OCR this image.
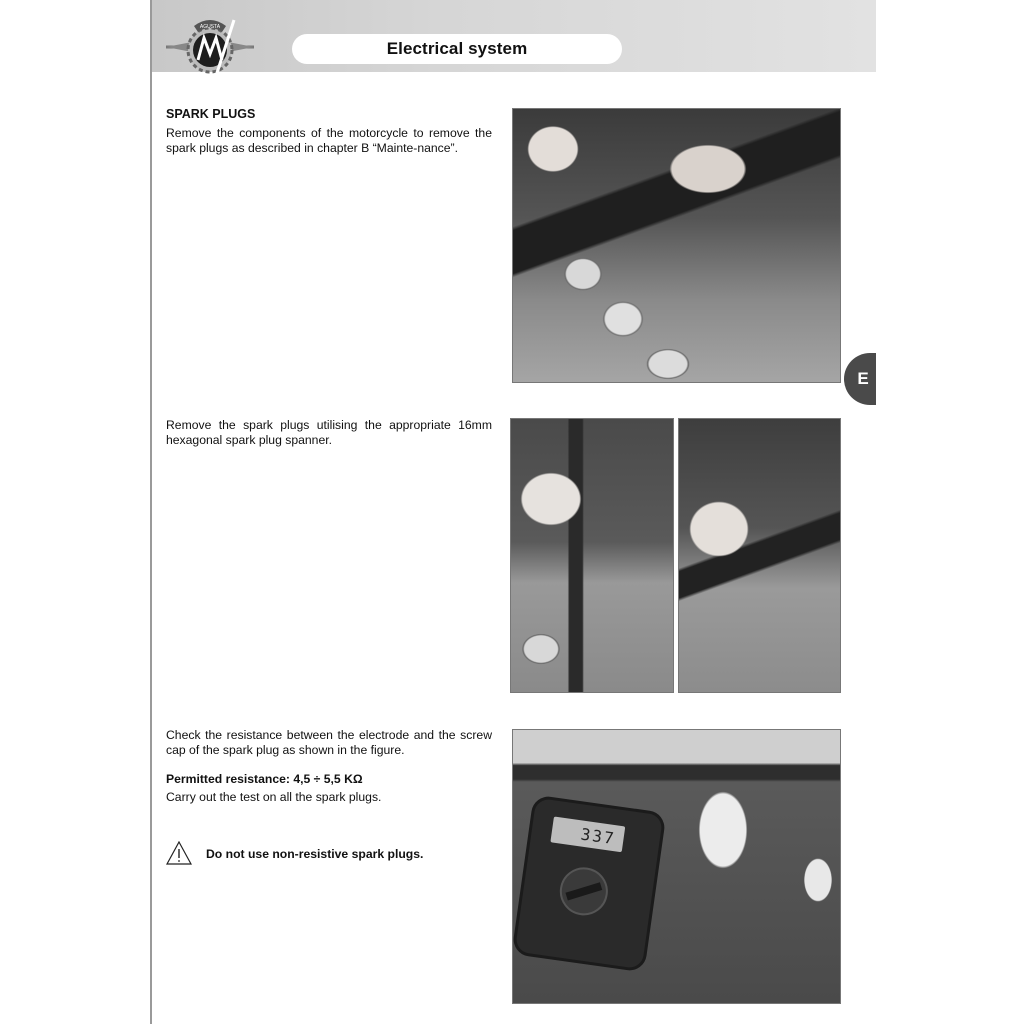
AGUSTA
Electrical system

SPARK PLUGS

Remove the components of the motorcycle to remove the spark plugs as described in chapter B “Mainte-nance”.

E

Remove the spark plugs utilising the appropriate 16mm hexagonal spark plug spanner.

Check the resistance between the electrode and the screw cap of the spark plug as shown in the figure.

Permitted resistance: 4,5 ÷ 5,5 KΩ

Carry out the test on all the spark plugs.

Do not use non-resistive spark plugs.
337
